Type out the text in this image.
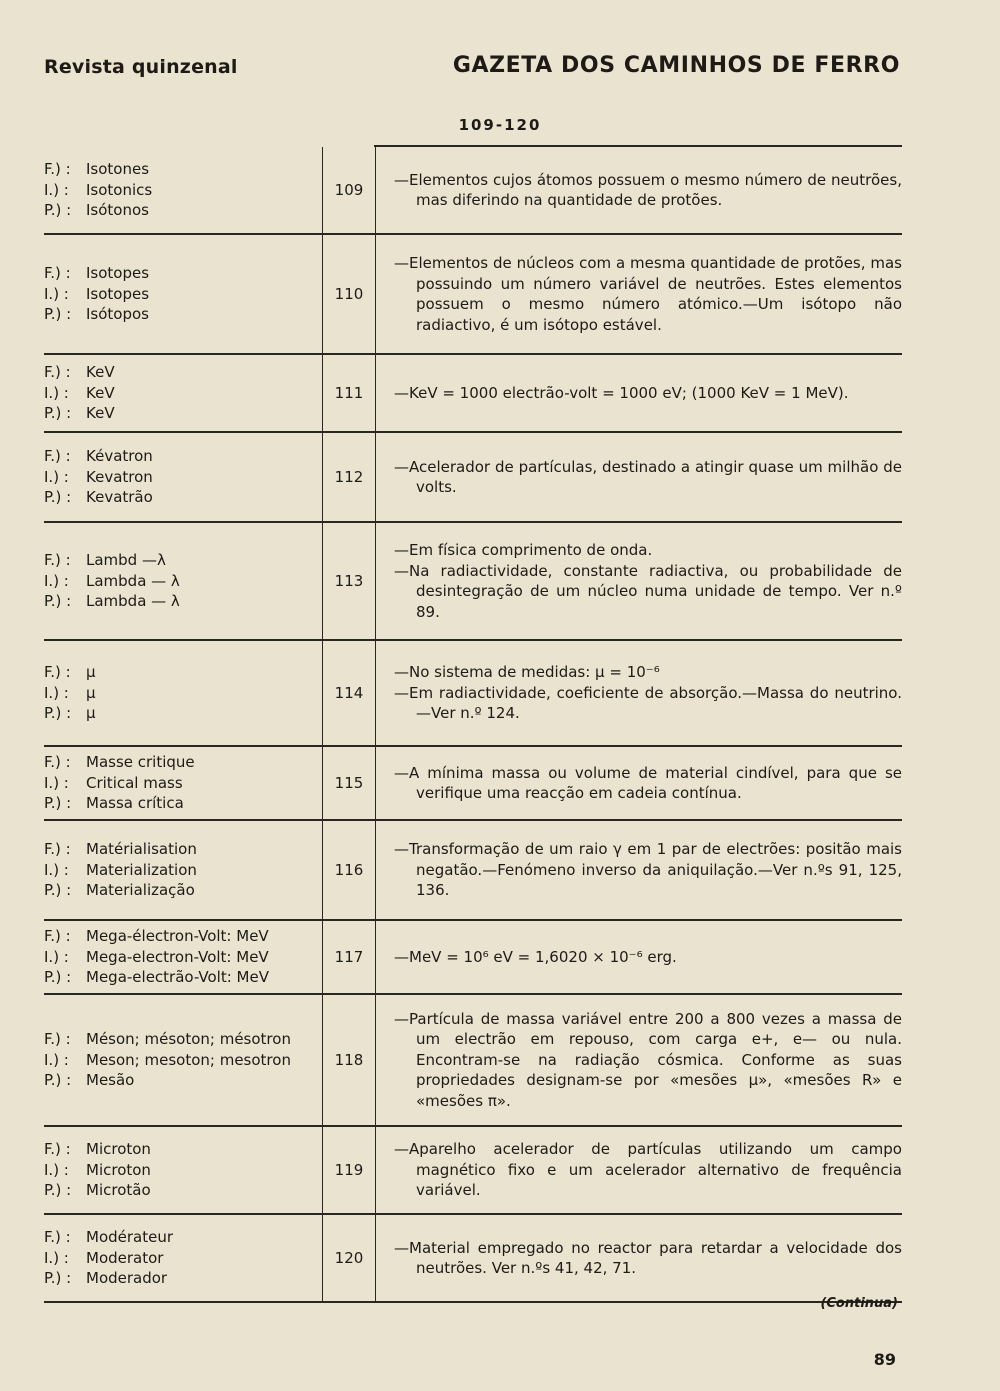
Revista quinzenal	GAZETA DOS CAMINHOS DE FERRO
109-120
F.) : Isotones
I.) : Isotonics
P.) : Isótonos
109
—Elementos cujos átomos possuem o mesmo número de neutrões, mas diferindo na quantidade de protões.
F.) : Isotopes
I.) : Isotopes
P.) : Isótopos
110
—Elementos de núcleos com a mesma quantidade de protões, mas possuindo um número variável de neutrões. Estes elementos possuem o mesmo número atómico.—Um isótopo não radiactivo, é um isótopo estável.
F.) : KeV
I.) : KeV
P.) : KeV
111	—KeV = 1000 electrão-volt = 1000 eV; (1000 KeV = 1 MeV).
F.) : Kévatron
I.) : Kevatron
P.) : Kevatrão
112
—Acelerador de partículas, destinado a atingir quase um milhão de volts.
F.) : Lambd —λ
I.) : Lambda — λ
P.) : Lambda — λ
113
—Em física comprimento de onda.
—Na radiactividade, constante radiactiva, ou probabilidade de desintegração de um núcleo numa unidade de tempo. Ver n.º 89.
F.) : μ
I.) : μ
P.) : μ
114
—No sistema de medidas: μ = 10⁻⁶
—Em radiactividade, coeficiente de absorção.—Massa do neutrino.—Ver n.º 124.
F.) : Masse critique
I.) : Critical mass
P.) : Massa crítica
115
—A mínima massa ou volume de material cindível, para que se verifique uma reacção em cadeia contínua.
F.) : Matérialisation
I.) : Materialization
P.) : Materialização
116
—Transformação de um raio γ em 1 par de electrões: positão mais negatão.—Fenómeno inverso da aniquilação.—Ver n.ºs 91, 125, 136.
F.) : Mega-électron-Volt: MeV
I.) : Mega-electron-Volt: MeV
P.) : Mega-electrão-Volt: MeV
117	—MeV = 10⁶ eV = 1,6020 × 10⁻⁶ erg.
F.) : Méson; mésoton; mésotron
I.) : Meson; mesoton; mesotron
P.) : Mesão
118
—Partícula de massa variável entre 200 a 800 vezes a massa de um electrão em repouso, com carga e+, e— ou nula. Encontram-se na radiação cósmica. Conforme as suas propriedades designam-se por «mesões μ», «mesões R» e «mesões π».
F.) : Microton
I.) : Microton
P.) : Microtão
119
—Aparelho acelerador de partículas utilizando um campo magnético fixo e um acelerador alternativo de frequência variável.
F.) : Modérateur
I.) : Moderator
P.) : Moderador
120
—Material empregado no reactor para retardar a velocidade dos neutrões. Ver n.ºs 41, 42, 71.
(Continua)
89
